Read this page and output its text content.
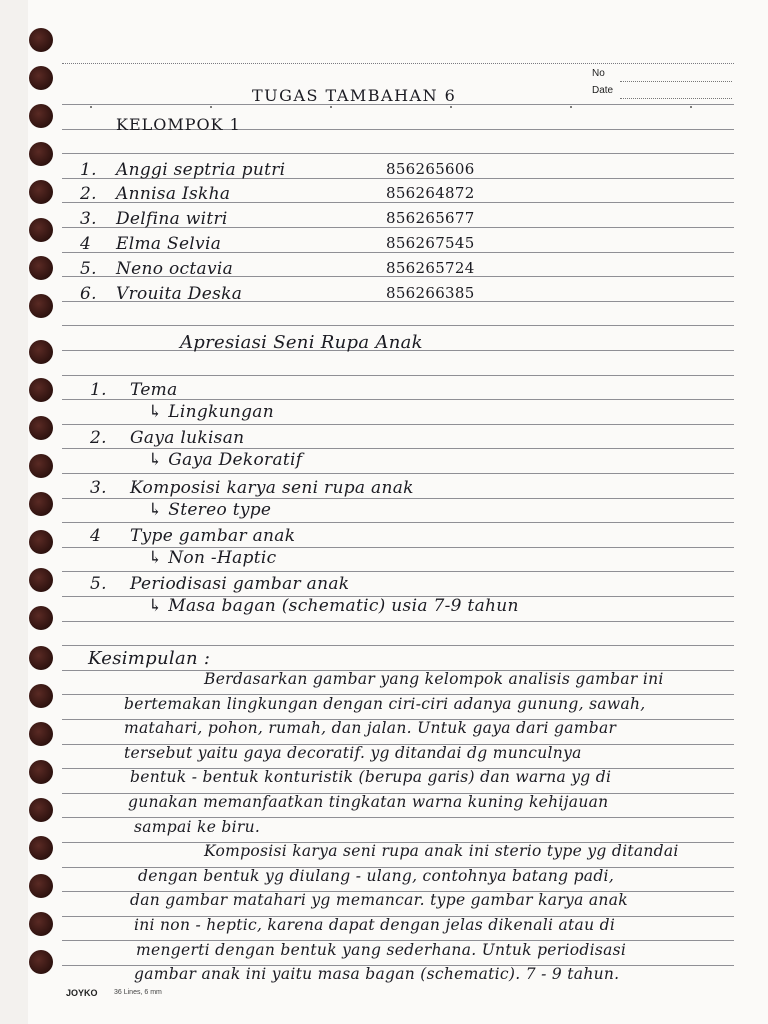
No
Date
TUGAS TAMBAHAN 6
KELOMPOK 1
1. Anggi septria putri	856265606
2. Annisa Iskha	856264872
3. Delfina witri	856265677
4 Elma Selvia	856267545
5. Neno octavia	856265724
6. Vrouita Deska	856266385
Apresiasi Seni Rupa Anak
1. Tema
↳ Lingkungan
2. Gaya lukisan
↳ Gaya Dekoratif
3. Komposisi karya seni rupa anak
↳ Stereo type
4 Type gambar anak
↳ Non -Haptic
5. Periodisasi gambar anak
↳ Masa bagan (schematic) usia 7-9 tahun
Kesimpulan :
Berdasarkan gambar yang kelompok analisis gambar ini
bertemakan lingkungan dengan ciri-ciri adanya gunung, sawah,
matahari, pohon, rumah, dan jalan. Untuk gaya dari gambar
tersebut yaitu gaya decoratif. yg ditandai dg munculnya
bentuk - bentuk konturistik (berupa garis) dan warna yg di
gunakan memanfaatkan tingkatan warna kuning kehijauan
sampai ke biru.
Komposisi karya seni rupa anak ini sterio type yg ditandai
dengan bentuk yg diulang - ulang, contohnya batang padi,
dan gambar matahari yg memancar. type gambar karya anak
ini non - heptic, karena dapat dengan jelas dikenali atau di
mengerti dengan bentuk yang sederhana. Untuk periodisasi
gambar anak ini yaitu masa bagan (schematic). 7 - 9 tahun.
JOYKO 36 Lines, 6 mm
